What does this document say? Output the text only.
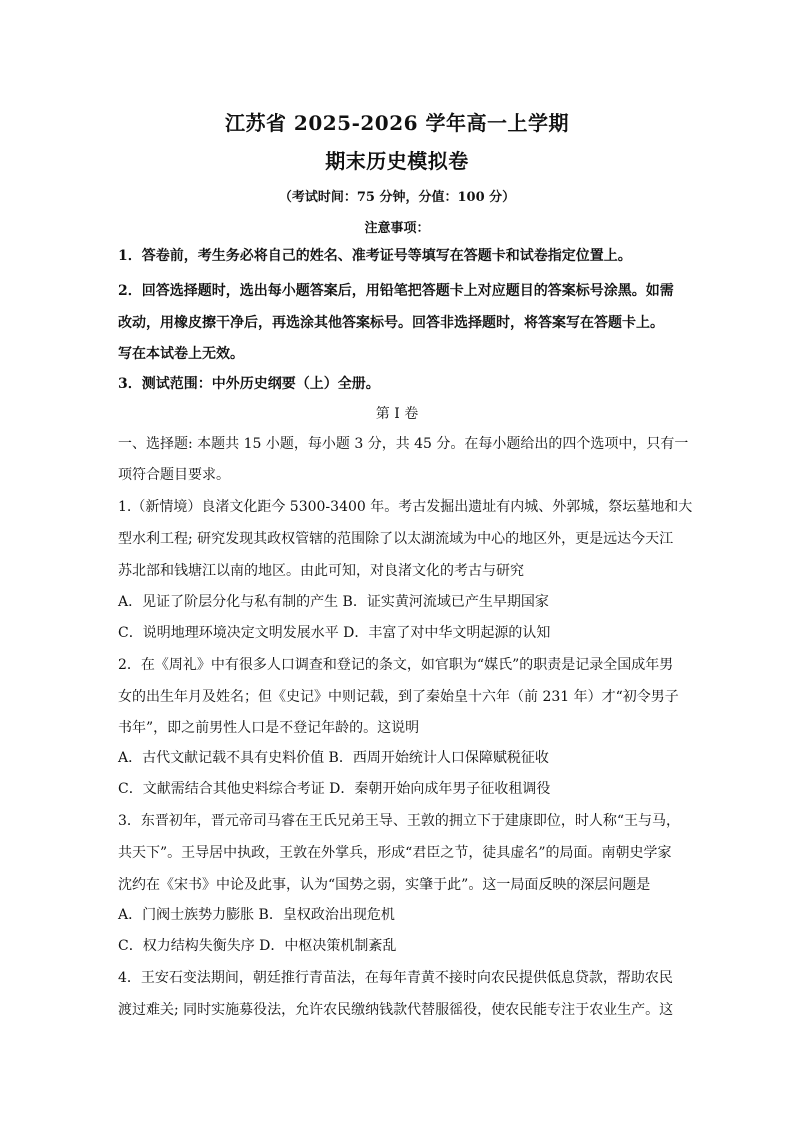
江苏省 2025-2026 学年高一上学期
期末历史模拟卷
（考试时间：75 分钟，分值：100 分）
注意事项：
1．答卷前，考生务必将自己的姓名、准考证号等填写在答题卡和试卷指定位置上。
2．回答选择题时，选出每小题答案后，用铅笔把答题卡上对应题目的答案标号涂黑。如需
改动，用橡皮擦干净后，再选涂其他答案标号。回答非选择题时，将答案写在答题卡上。
写在本试卷上无效。
3．测试范围：中外历史纲要（上）全册。
第 I 卷
一、选择题: 本题共 15 小题，每小题 3 分，共 45 分。在每小题给出的四个选项中，只有一
项符合题目要求。
1.（新情境）良渚文化距今 5300-3400 年。考古发掘出遗址有内城、外郭城，祭坛墓地和大
型水利工程; 研究发现其政权管辖的范围除了以太湖流域为中心的地区外，更是远达今天江
苏北部和钱塘江以南的地区。由此可知，对良渚文化的考古与研究
A．见证了阶层分化与私有制的产生 B．证实黄河流域已产生早期国家
C．说明地理环境决定文明发展水平 D．丰富了对中华文明起源的认知
2．在《周礼》中有很多人口调查和登记的条文，如官职为“媒氏”的职责是记录全国成年男
女的出生年月及姓名；但《史记》中则记载，到了秦始皇十六年（前 231 年）才“初令男子
书年”，即之前男性人口是不登记年龄的。这说明
A．古代文献记载不具有史料价值 B．西周开始统计人口保障赋税征收
C．文献需结合其他史料综合考证 D．秦朝开始向成年男子征收租调役
3．东晋初年，晋元帝司马睿在王氏兄弟王导、王敦的拥立下于建康即位，时人称“王与马，
共天下”。王导居中执政，王敦在外掌兵，形成“君臣之节，徒具虚名”的局面。南朝史学家
沈约在《宋书》中论及此事，认为“国势之弱，实肇于此”。这一局面反映的深层问题是
A．门阀士族势力膨胀 B．皇权政治出现危机
C．权力结构失衡失序 D．中枢决策机制紊乱
4．王安石变法期间，朝廷推行青苗法，在每年青黄不接时向农民提供低息贷款，帮助农民
渡过难关; 同时实施募役法，允许农民缴纳钱款代替服徭役，使农民能专注于农业生产。这
